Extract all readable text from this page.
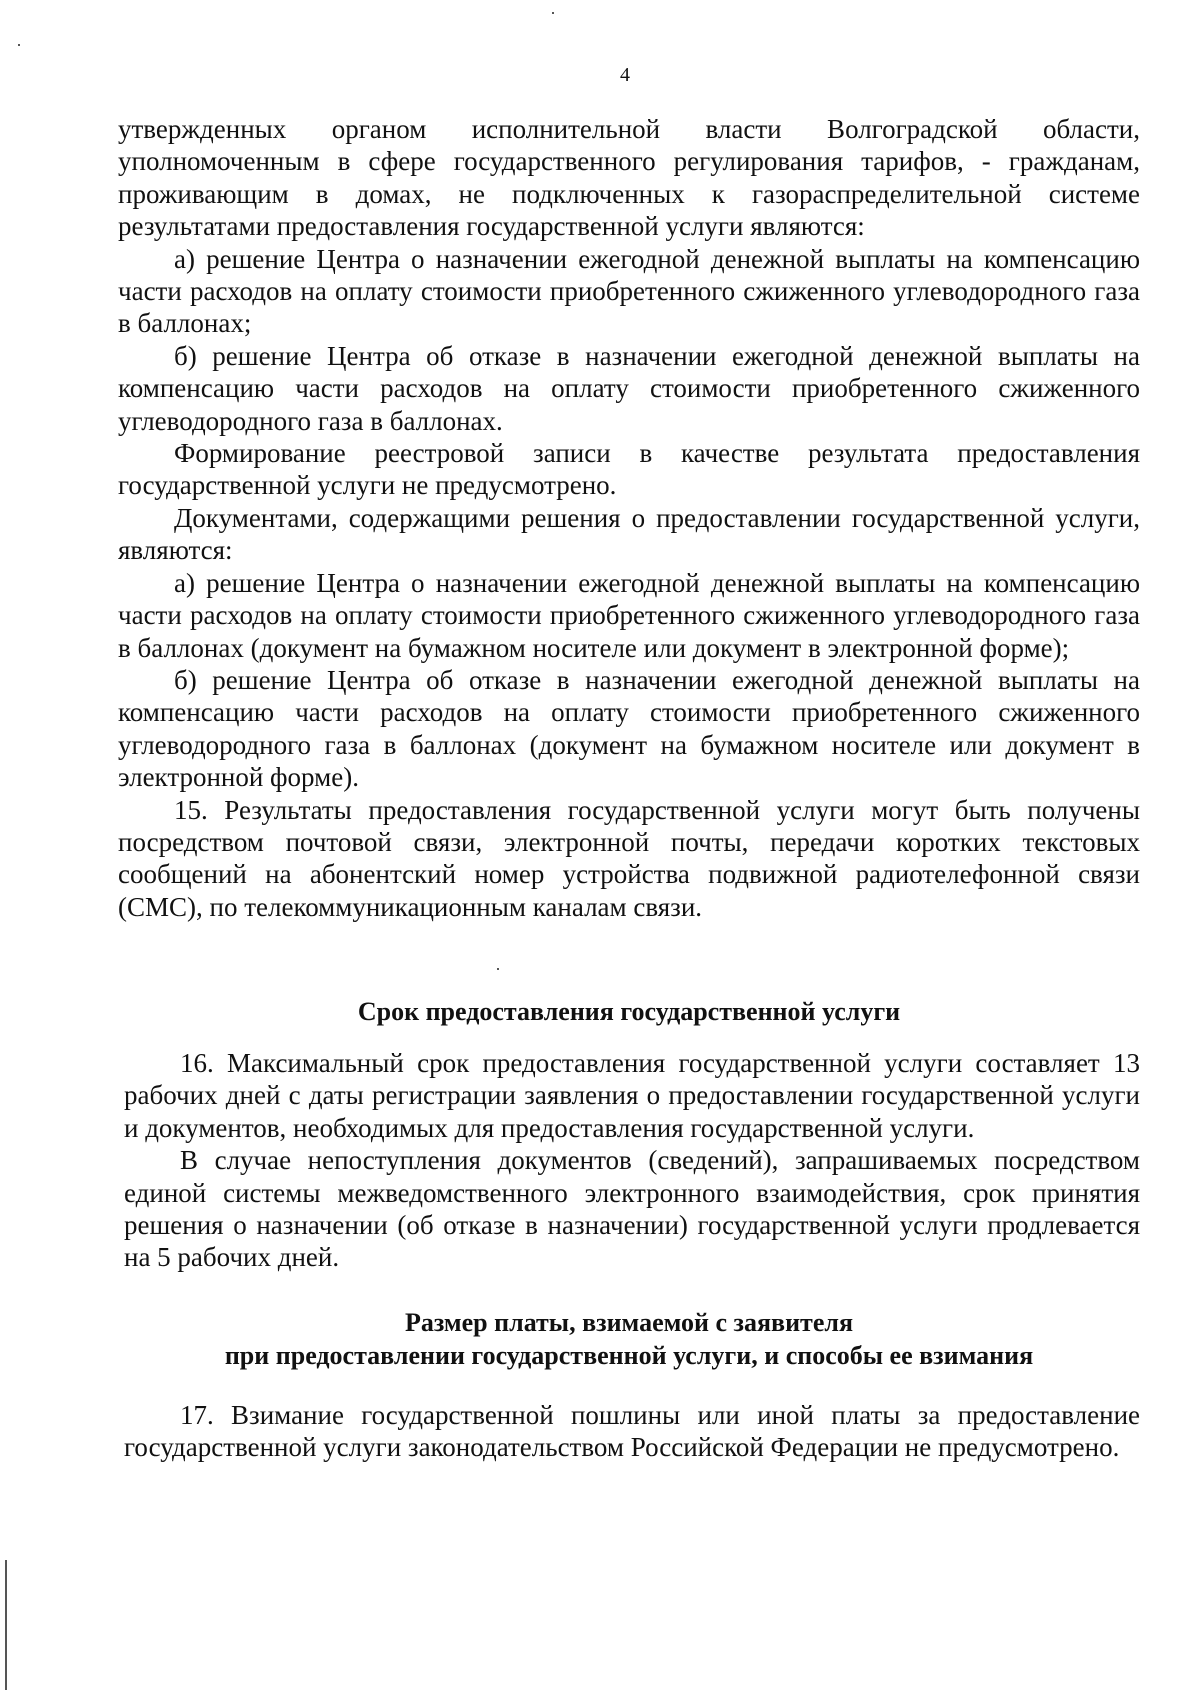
4

утвержденных органом исполнительной власти Волгоградской области, уполномоченным в сфере государственного регулирования тарифов, - гражданам, проживающим в домах, не подключенных к газораспределительной системе результатами предоставления государственной услуги являются:

а) решение Центра о назначении ежегодной денежной выплаты на компенсацию части расходов на оплату стоимости приобретенного сжиженного углеводородного газа в баллонах;

б) решение Центра об отказе в назначении ежегодной денежной выплаты на компенсацию части расходов на оплату стоимости приобретенного сжиженного углеводородного газа в баллонах.

Формирование реестровой записи в качестве результата предоставления государственной услуги не предусмотрено.

Документами, содержащими решения о предоставлении государственной услуги, являются:

а) решение Центра о назначении ежегодной денежной выплаты на компенсацию части расходов на оплату стоимости приобретенного сжиженного углеводородного газа в баллонах (документ на бумажном носителе или документ в электронной форме);

б) решение Центра об отказе в назначении ежегодной денежной выплаты на компенсацию части расходов на оплату стоимости приобретенного сжиженного углеводородного газа в баллонах (документ на бумажном носителе или документ в электронной форме).

15. Результаты предоставления государственной услуги могут быть получены посредством почтовой связи, электронной почты, передачи коротких текстовых сообщений на абонентский номер устройства подвижной радиотелефонной связи (СМС), по телекоммуникационным каналам связи.

Срок предоставления государственной услуги

16. Максимальный срок предоставления государственной услуги составляет 13 рабочих дней с даты регистрации заявления о предоставлении государственной услуги и документов, необходимых для предоставления государственной услуги.

В случае непоступления документов (сведений), запрашиваемых посредством единой системы межведомственного электронного взаимодействия, срок принятия решения о назначении (об отказе в назначении) государственной услуги продлевается на 5 рабочих дней.

Размер платы, взимаемой с заявителя
при предоставлении государственной услуги, и способы ее взимания

17. Взимание государственной пошлины или иной платы за предоставление государственной услуги законодательством Российской Федерации не предусмотрено.
